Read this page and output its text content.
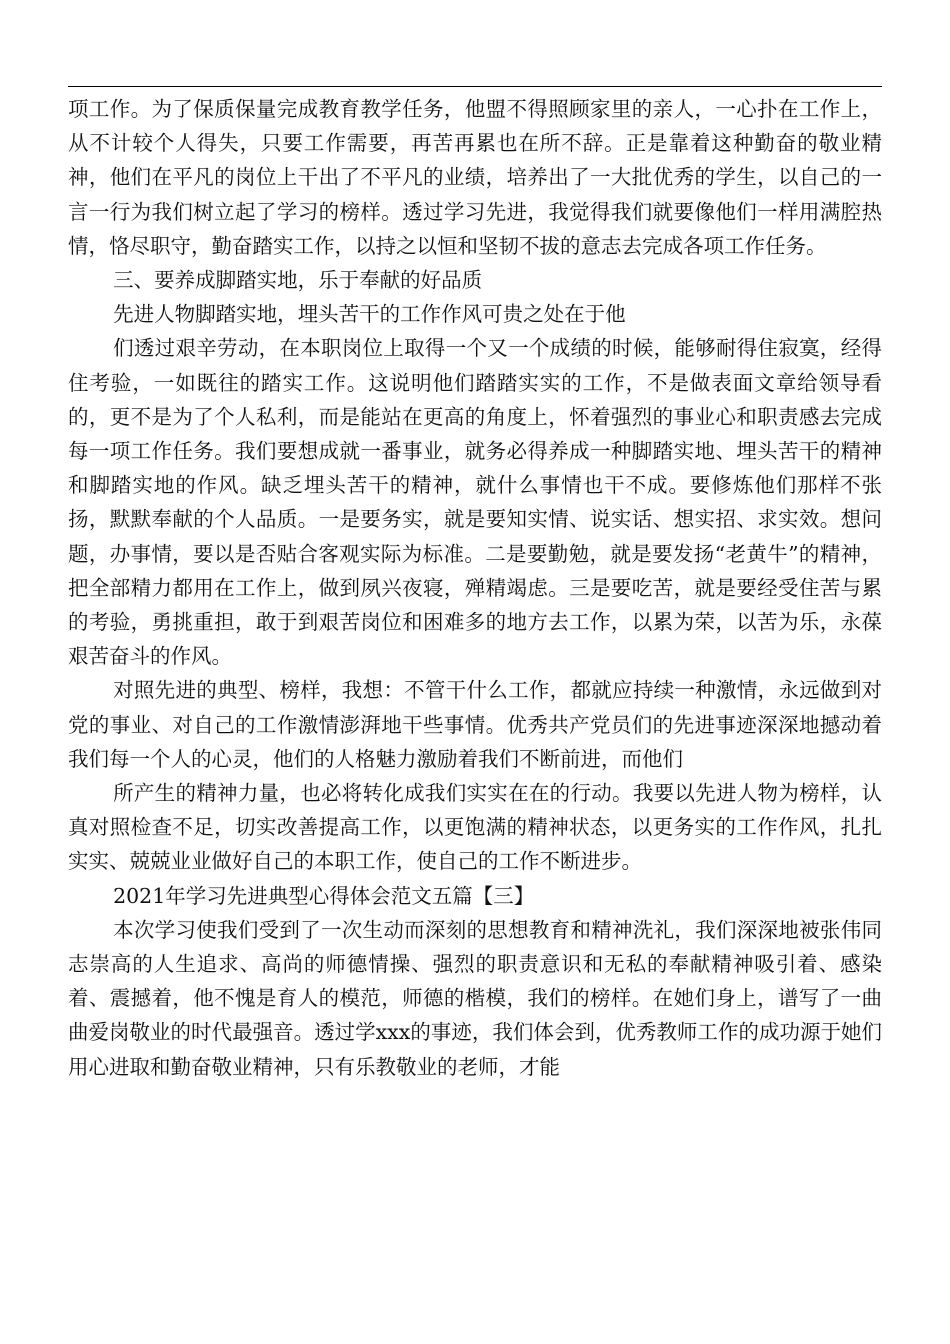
项工作。为了保质保量完成教育教学任务，他盟不得照顾家里的亲人，一心扑在工作上，从不计较个人得失，只要工作需要，再苦再累也在所不辞。正是靠着这种勤奋的敬业精神，他们在平凡的岗位上干出了不平凡的业绩，培养出了一大批优秀的学生，以自己的一言一行为我们树立起了学习的榜样。透过学习先进，我觉得我们就要像他们一样用满腔热情，恪尽职守，勤奋踏实工作，以持之以恒和坚韧不拔的意志去完成各项工作任务。

三、要养成脚踏实地，乐于奉献的好品质

先进人物脚踏实地，埋头苦干的工作作风可贵之处在于他

们透过艰辛劳动，在本职岗位上取得一个又一个成绩的时候，能够耐得住寂寞，经得住考验，一如既往的踏实工作。这说明他们踏踏实实的工作，不是做表面文章给领导看的，更不是为了个人私利，而是能站在更高的角度上，怀着强烈的事业心和职责感去完成每一项工作任务。我们要想成就一番事业，就务必得养成一种脚踏实地、埋头苦干的精神和脚踏实地的作风。缺乏埋头苦干的精神，就什么事情也干不成。要修炼他们那样不张扬，默默奉献的个人品质。一是要务实，就是要知实情、说实话、想实招、求实效。想问题，办事情，要以是否贴合客观实际为标准。二是要勤勉，就是要发扬“老黄牛”的精神，把全部精力都用在工作上，做到夙兴夜寝，殚精竭虑。三是要吃苦，就是要经受住苦与累的考验，勇挑重担，敢于到艰苦岗位和困难多的地方去工作，以累为荣，以苦为乐，永葆艰苦奋斗的作风。

对照先进的典型、榜样，我想：不管干什么工作，都就应持续一种激情，永远做到对党的事业、对自己的工作激情澎湃地干些事情。优秀共产党员们的先进事迹深深地撼动着我们每一个人的心灵，他们的人格魅力激励着我们不断前进，而他们

所产生的精神力量，也必将转化成我们实实在在的行动。我要以先进人物为榜样，认真对照检查不足，切实改善提高工作，以更饱满的精神状态，以更务实的工作作风，扎扎实实、兢兢业业做好自己的本职工作，使自己的工作不断进步。

2021年学习先进典型心得体会范文五篇【三】

本次学习使我们受到了一次生动而深刻的思想教育和精神洗礼，我们深深地被张伟同志崇高的人生追求、高尚的师德情操、强烈的职责意识和无私的奉献精神吸引着、感染着、震撼着，他不愧是育人的模范，师德的楷模，我们的榜样。在她们身上，谱写了一曲曲爱岗敬业的时代最强音。透过学xxx的事迹，我们体会到，优秀教师工作的成功源于她们用心进取和勤奋敬业精神，只有乐教敬业的老师，才能
